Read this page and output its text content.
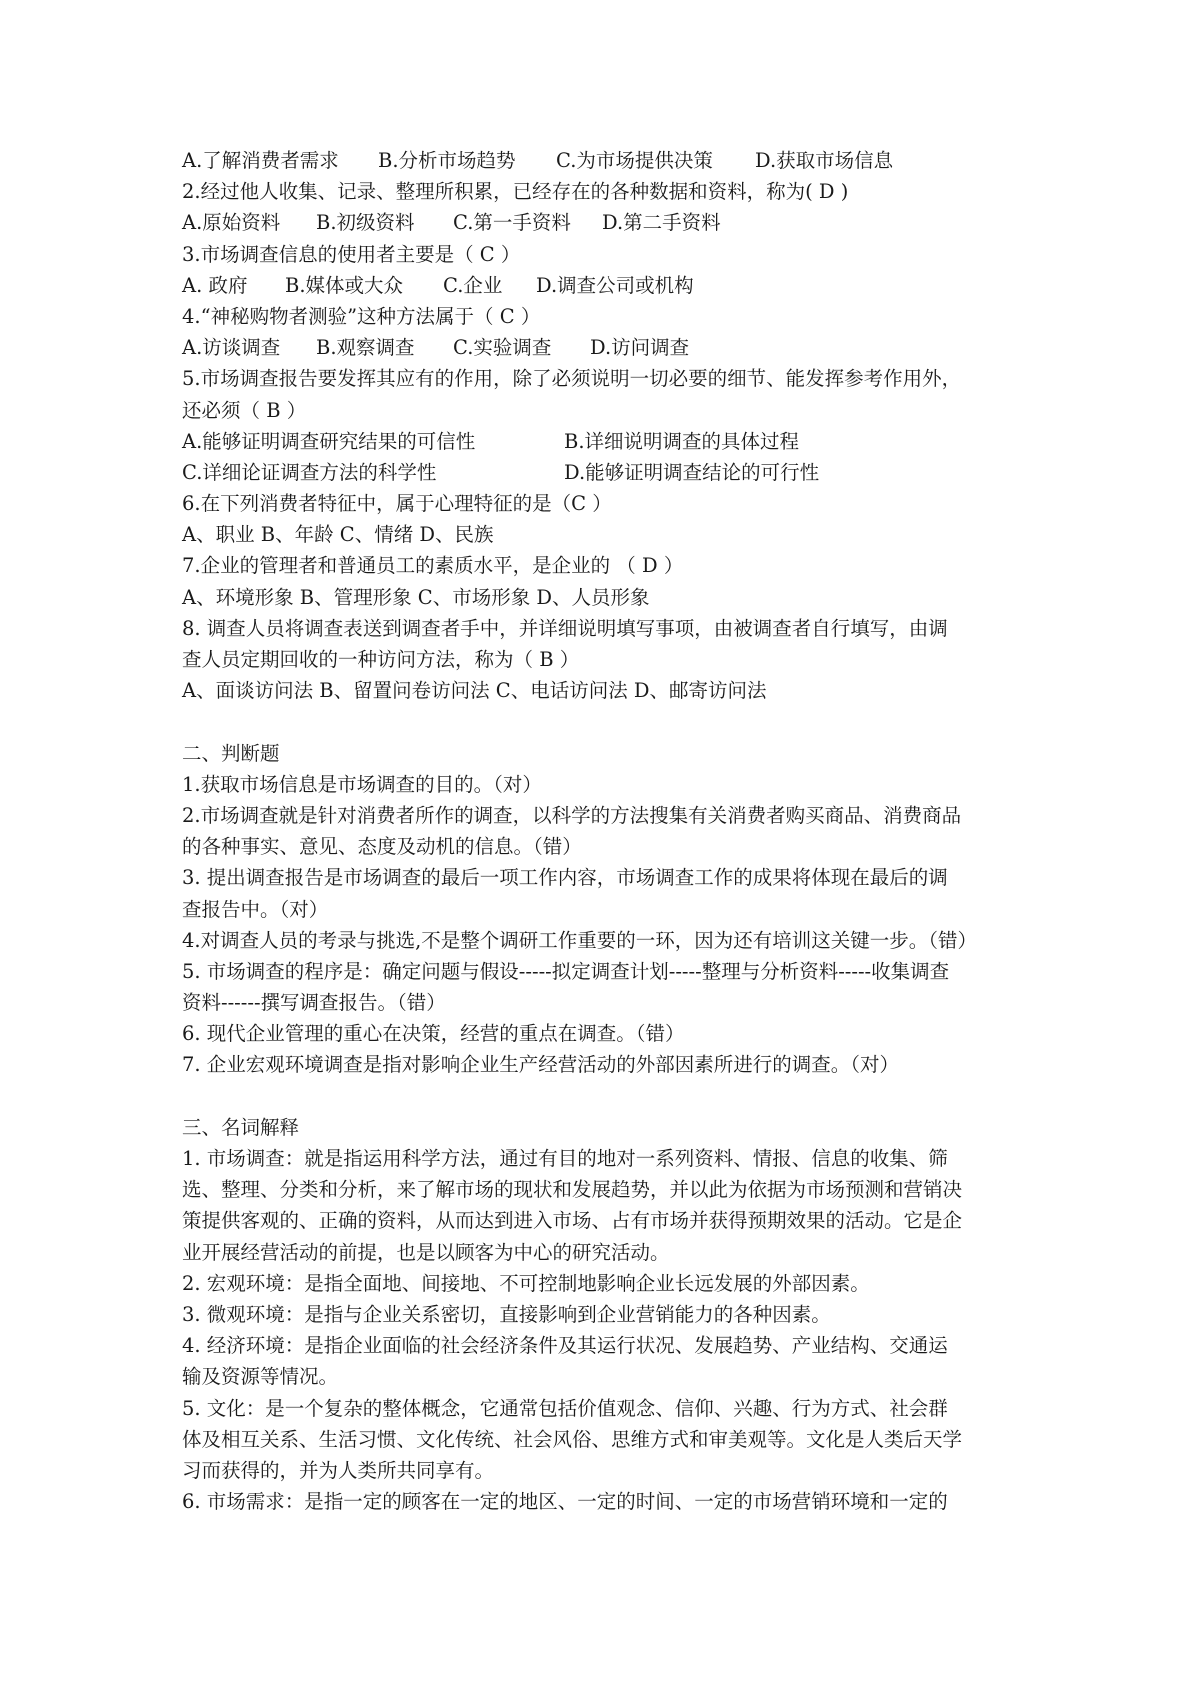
A.了解消费者需求 B.分析市场趋势 C.为市场提供决策 D.获取市场信息
2.经过他人收集、记录、整理所积累，已经存在的各种数据和资料，称为( D )
A.原始资料 B.初级资料 C.第一手资料 D.第二手资料
3.市场调查信息的使用者主要是（ C ）
A. 政府 B.媒体或大众 C.企业 D.调查公司或机构
4.“神秘购物者测验”这种方法属于（ C ）
A.访谈调查 B.观察调查 C.实验调查 D.访问调查
5.市场调查报告要发挥其应有的作用，除了必须说明一切必要的细节、能发挥参考作用外，
还必须（ B ）
A.能够证明调查研究结果的可信性	B.详细说明调查的具体过程
C.详细论证调查方法的科学性	D.能够证明调查结论的可行性
6.在下列消费者特征中，属于心理特征的是（C ）
A、职业 B、年龄 C、情绪 D、民族
7.企业的管理者和普通员工的素质水平，是企业的 （ D ）
A、环境形象 B、管理形象 C、市场形象 D、人员形象
8. 调查人员将调查表送到调查者手中，并详细说明填写事项，由被调查者自行填写，由调
查人员定期回收的一种访问方法，称为（ B ）
A、面谈访问法 B、留置问卷访问法 C、电话访问法 D、邮寄访问法
二、判断题
1.获取市场信息是市场调查的目的。（对）
2.市场调查就是针对消费者所作的调查，以科学的方法搜集有关消费者购买商品、消费商品
的各种事实、意见、态度及动机的信息。（错）
3. 提出调查报告是市场调查的最后一项工作内容，市场调查工作的成果将体现在最后的调
查报告中。（对）
4.对调查人员的考录与挑选,不是整个调研工作重要的一环，因为还有培训这关键一步。（错）
5. 市场调查的程序是：确定问题与假设-----拟定调查计划-----整理与分析资料-----收集调查
资料------撰写调查报告。（错）
6. 现代企业管理的重心在决策，经营的重点在调查。（错）
7. 企业宏观环境调查是指对影响企业生产经营活动的外部因素所进行的调查。（对）
三、名词解释
1. 市场调查：就是指运用科学方法，通过有目的地对一系列资料、情报、信息的收集、筛
选、整理、分类和分析，来了解市场的现状和发展趋势，并以此为依据为市场预测和营销决
策提供客观的、正确的资料，从而达到进入市场、占有市场并获得预期效果的活动。它是企
业开展经营活动的前提，也是以顾客为中心的研究活动。
2. 宏观环境：是指全面地、间接地、不可控制地影响企业长远发展的外部因素。
3. 微观环境：是指与企业关系密切，直接影响到企业营销能力的各种因素。
4. 经济环境：是指企业面临的社会经济条件及其运行状况、发展趋势、产业结构、交通运
输及资源等情况。
5. 文化：是一个复杂的整体概念，它通常包括价值观念、信仰、兴趣、行为方式、社会群
体及相互关系、生活习惯、文化传统、社会风俗、思维方式和审美观等。文化是人类后天学
习而获得的，并为人类所共同享有。
6. 市场需求：是指一定的顾客在一定的地区、一定的时间、一定的市场营销环境和一定的
